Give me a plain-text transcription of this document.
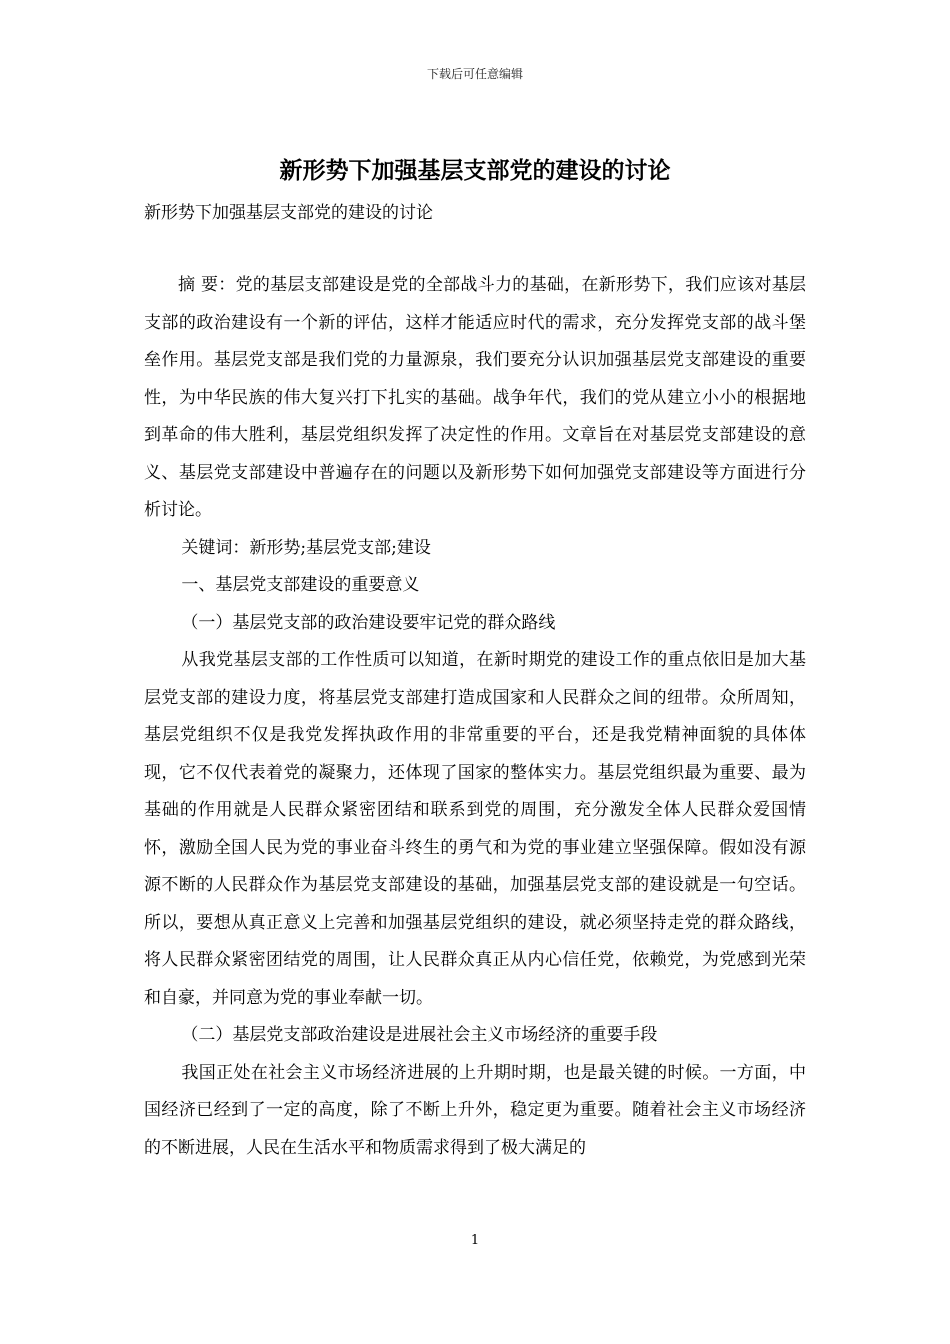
下载后可任意编辑
新形势下加强基层支部党的建设的讨论
新形势下加强基层支部党的建设的讨论

摘 要：党的基层支部建设是党的全部战斗力的基础，在新形势下，我们应该对基层支部的政治建设有一个新的评估，这样才能适应时代的需求，充分发挥党支部的战斗堡垒作用。基层党支部是我们党的力量源泉，我们要充分认识加强基层党支部建设的重要性，为中华民族的伟大复兴打下扎实的基础。战争年代，我们的党从建立小小的根据地到革命的伟大胜利，基层党组织发挥了决定性的作用。文章旨在对基层党支部建设的意义、基层党支部建设中普遍存在的问题以及新形势下如何加强党支部建设等方面进行分析讨论。

关键词：新形势;基层党支部;建设

一、基层党支部建设的重要意义

（一）基层党支部的政治建设要牢记党的群众路线

从我党基层支部的工作性质可以知道，在新时期党的建设工作的重点依旧是加大基层党支部的建设力度，将基层党支部建打造成国家和人民群众之间的纽带。众所周知，基层党组织不仅是我党发挥执政作用的非常重要的平台，还是我党精神面貌的具体体现，它不仅代表着党的凝聚力，还体现了国家的整体实力。基层党组织最为重要、最为基础的作用就是人民群众紧密团结和联系到党的周围，充分激发全体人民群众爱国情怀，激励全国人民为党的事业奋斗终生的勇气和为党的事业建立坚强保障。假如没有源源不断的人民群众作为基层党支部建设的基础，加强基层党支部的建设就是一句空话。所以，要想从真正意义上完善和加强基层党组织的建设，就必须坚持走党的群众路线，将人民群众紧密团结党的周围，让人民群众真正从内心信任党，依赖党，为党感到光荣和自豪，并同意为党的事业奉献一切。

（二）基层党支部政治建设是进展社会主义市场经济的重要手段

我国正处在社会主义市场经济进展的上升期时期，也是最关键的时候。一方面，中国经济已经到了一定的高度，除了不断上升外，稳定更为重要。随着社会主义市场经济的不断进展，人民在生活水平和物质需求得到了极大满足的

1
